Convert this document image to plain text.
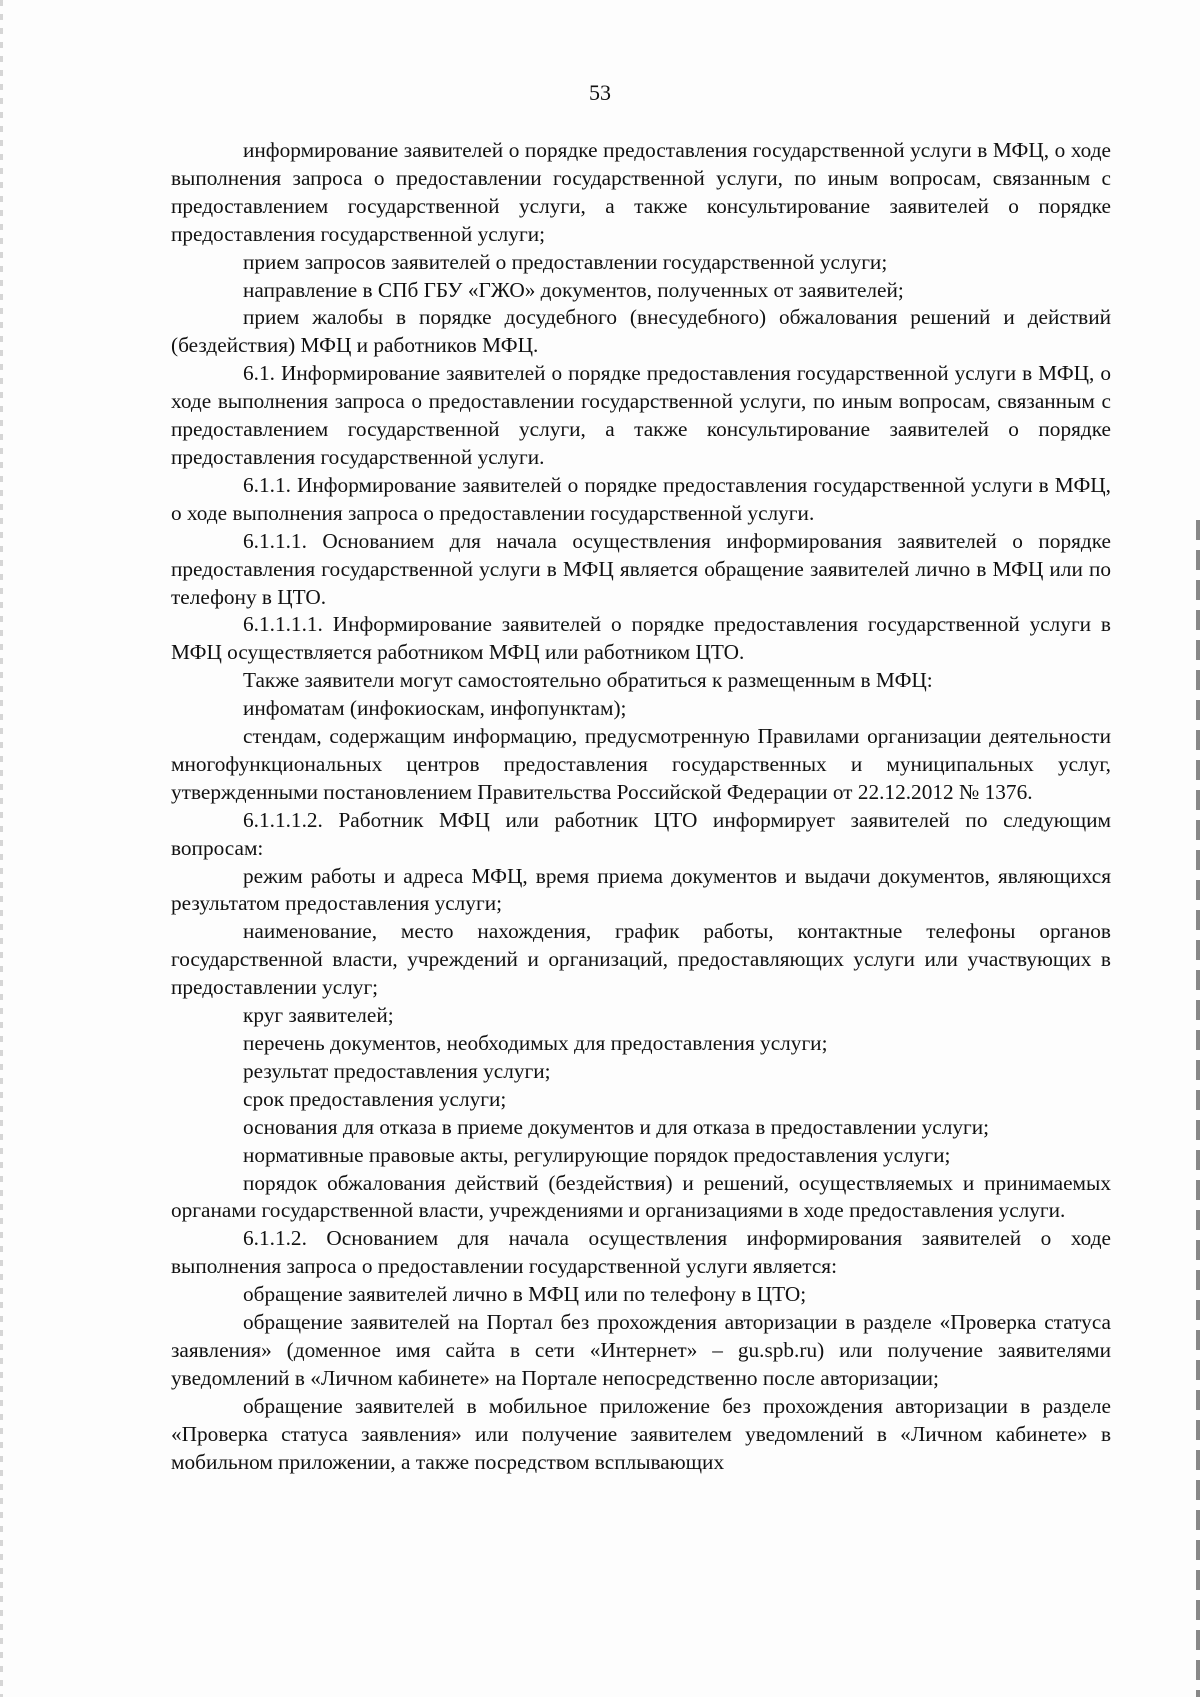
53

информирование заявителей о порядке предоставления государственной услуги в МФЦ, о ходе выполнения запроса о предоставлении государственной услуги, по иным вопросам, связанным с предоставлением государственной услуги, а также консультирование заявителей о порядке предоставления государственной услуги;

прием запросов заявителей о предоставлении государственной услуги;

направление в СПб ГБУ «ГЖО» документов, полученных от заявителей;

прием жалобы в порядке досудебного (внесудебного) обжалования решений и действий (бездействия) МФЦ и работников МФЦ.

6.1. Информирование заявителей о порядке предоставления государственной услуги в МФЦ, о ходе выполнения запроса о предоставлении государственной услуги, по иным вопросам, связанным с предоставлением государственной услуги, а также консультирование заявителей о порядке предоставления государственной услуги.

6.1.1. Информирование заявителей о порядке предоставления государственной услуги в МФЦ, о ходе выполнения запроса о предоставлении государственной услуги.

6.1.1.1. Основанием для начала осуществления информирования заявителей о порядке предоставления государственной услуги в МФЦ является обращение заявителей лично в МФЦ или по телефону в ЦТО.

6.1.1.1.1. Информирование заявителей о порядке предоставления государственной услуги в МФЦ осуществляется работником МФЦ или работником ЦТО.

Также заявители могут самостоятельно обратиться к размещенным в МФЦ:

инфоматам (инфокиоскам, инфопунктам);

стендам, содержащим информацию, предусмотренную Правилами организации деятельности многофункциональных центров предоставления государственных и муниципальных услуг, утвержденными постановлением Правительства Российской Федерации от 22.12.2012 № 1376.

6.1.1.1.2. Работник МФЦ или работник ЦТО информирует заявителей по следующим вопросам:

режим работы и адреса МФЦ, время приема документов и выдачи документов, являющихся результатом предоставления услуги;

наименование, место нахождения, график работы, контактные телефоны органов государственной власти, учреждений и организаций, предоставляющих услуги или участвующих в предоставлении услуг;

круг заявителей;

перечень документов, необходимых для предоставления услуги;

результат предоставления услуги;

срок предоставления услуги;

основания для отказа в приеме документов и для отказа в предоставлении услуги;

нормативные правовые акты, регулирующие порядок предоставления услуги;

порядок обжалования действий (бездействия) и решений, осуществляемых и принимаемых органами государственной власти, учреждениями и организациями в ходе предоставления услуги.

6.1.1.2. Основанием для начала осуществления информирования заявителей о ходе выполнения запроса о предоставлении государственной услуги является:

обращение заявителей лично в МФЦ или по телефону в ЦТО;

обращение заявителей на Портал без прохождения авторизации в разделе «Проверка статуса заявления» (доменное имя сайта в сети «Интернет» – gu.spb.ru) или получение заявителями уведомлений в «Личном кабинете» на Портале непосредственно после авторизации;

обращение заявителей в мобильное приложение без прохождения авторизации в разделе «Проверка статуса заявления» или получение заявителем уведомлений в «Личном кабинете» в мобильном приложении, а также посредством всплывающих
